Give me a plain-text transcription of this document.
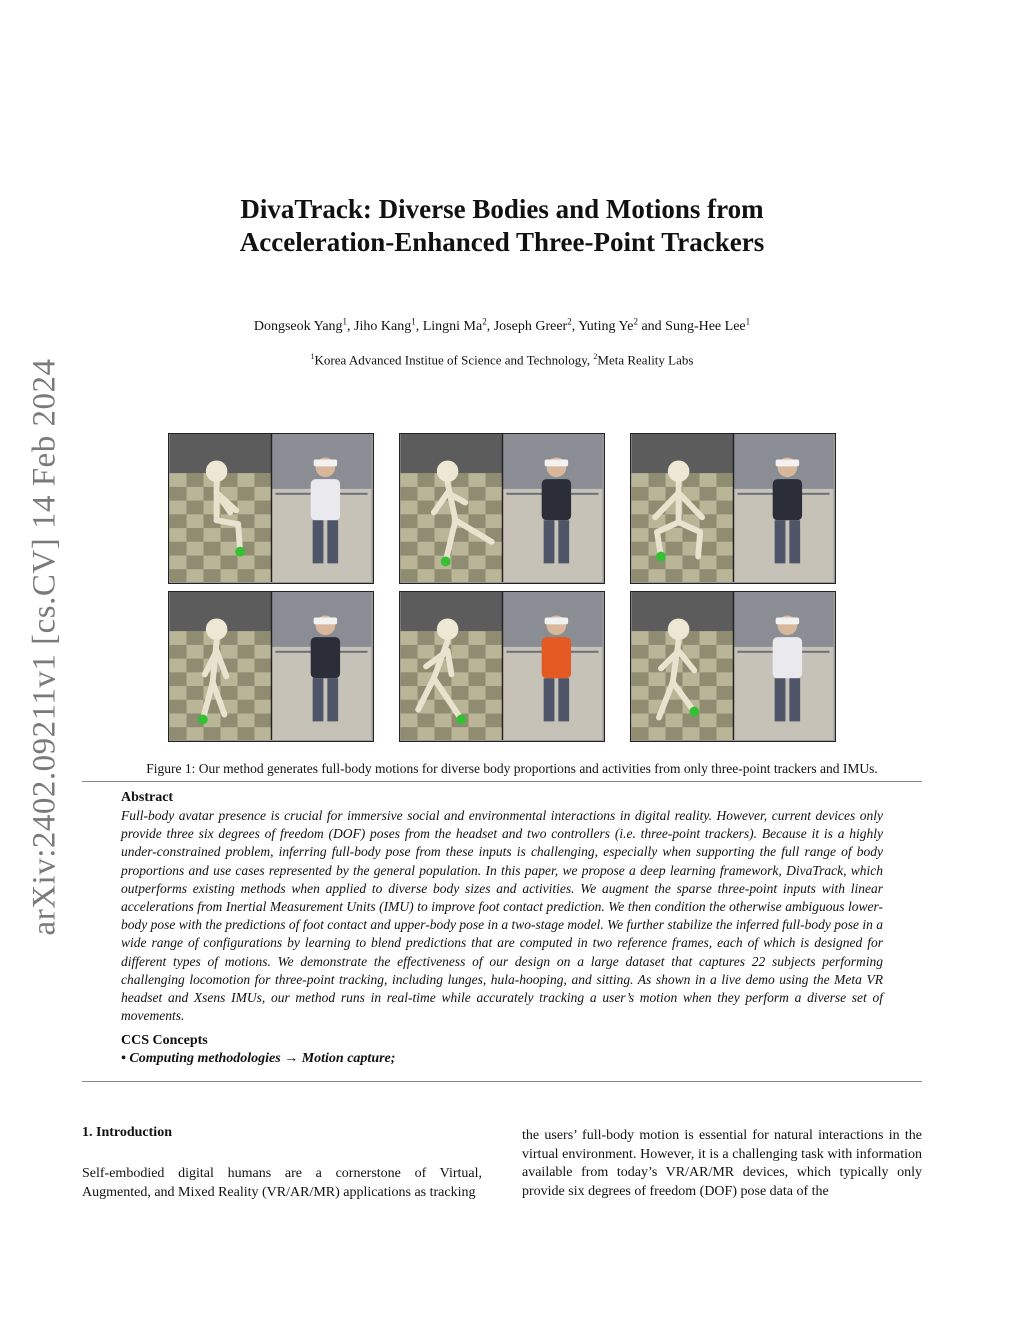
arXiv:2402.09211v1 [cs.CV] 14 Feb 2024
DivaTrack: Diverse Bodies and Motions from
Acceleration-Enhanced Three-Point Trackers
Dongseok Yang$^1$, Jiho Kang$^1$, Lingni Ma$^2$, Joseph Greer$^2$, Yuting Ye$^2$ and Sung-Hee Lee$^1$
$^1$Korea Advanced Institue of Science and Technology, $^2$Meta Reality Labs
Figure 1: Our method generates full-body motions for diverse body proportions and activities from only three-point trackers and IMUs.
Abstract

Full-body avatar presence is crucial for immersive social and environmental interactions in digital reality. However, current devices only provide three six degrees of freedom (DOF) poses from the headset and two controllers (i.e. three-point trackers). Because it is a highly under-constrained problem, inferring full-body pose from these inputs is challenging, especially when supporting the full range of body proportions and use cases represented by the general population. In this paper, we propose a deep learning framework, DivaTrack, which outperforms existing methods when applied to diverse body sizes and activities. We augment the sparse three-point inputs with linear accelerations from Inertial Measurement Units (IMU) to improve foot contact prediction. We then condition the otherwise ambiguous lower-body pose with the predictions of foot contact and upper-body pose in a two-stage model. We further stabilize the inferred full-body pose in a wide range of configurations by learning to blend predictions that are computed in two reference frames, each of which is designed for different types of motions. We demonstrate the effectiveness of our design on a large dataset that captures 22 subjects performing challenging locomotion for three-point tracking, including lunges, hula-hooping, and sitting. As shown in a live demo using the Meta VR headset and Xsens IMUs, our method runs in real-time while accurately tracking a user’s motion when they perform a diverse set of movements.

CCS Concepts
• Computing methodologies → Motion capture;
1. Introduction

Self-embodied digital humans are a cornerstone of Virtual, Augmented, and Mixed Reality (VR/AR/MR) applications as tracking

the users’ full-body motion is essential for natural interactions in the virtual environment. However, it is a challenging task with information available from today’s VR/AR/MR devices, which typically only provide six degrees of freedom (DOF) pose data of the
